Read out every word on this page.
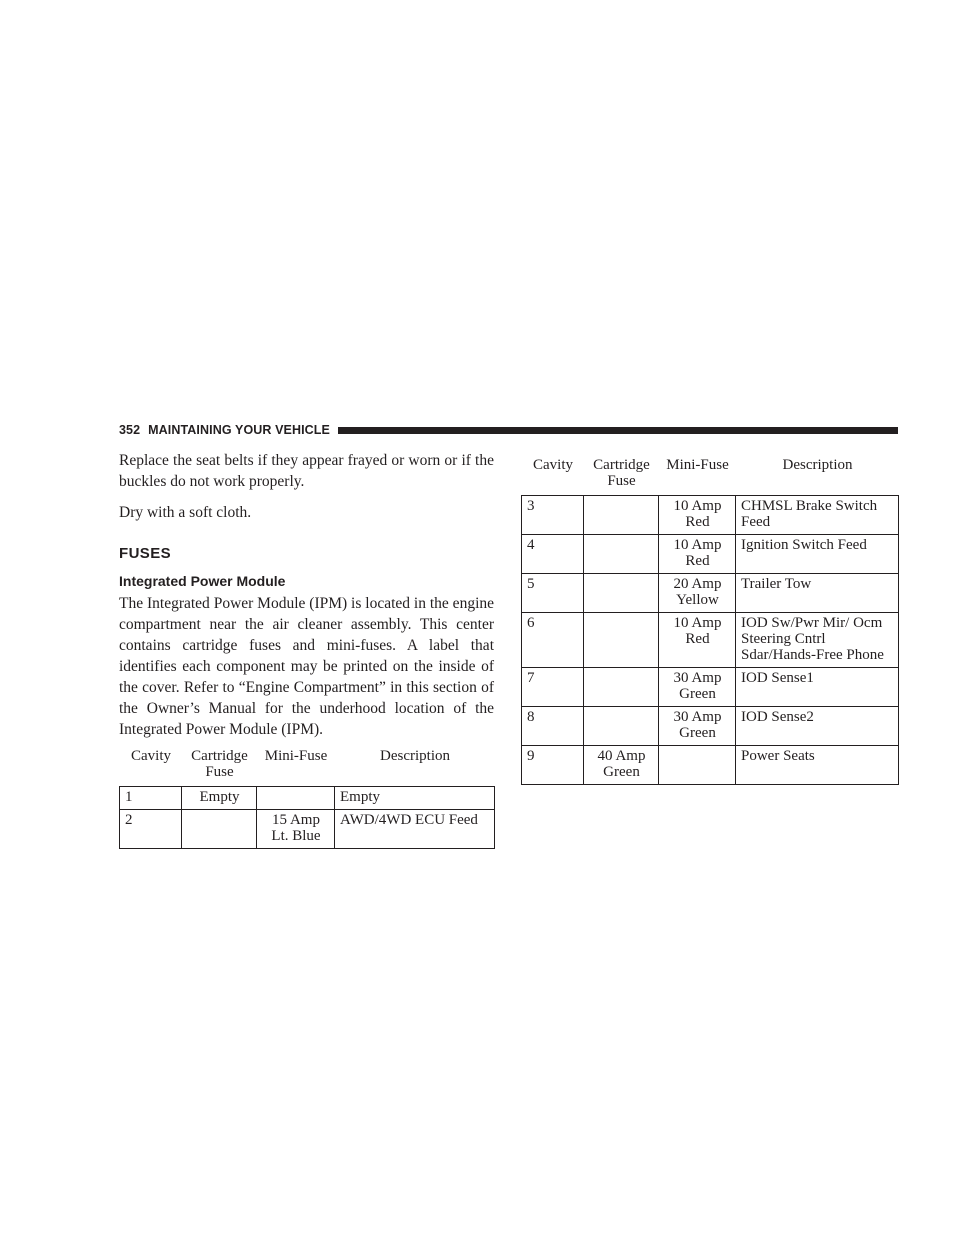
352 MAINTAINING YOUR VEHICLE

Replace the seat belts if they appear frayed or worn or if the buckles do not work properly.

Dry with a soft cloth.

FUSES
Integrated Power Module

The Integrated Power Module (IPM) is located in the engine compartment near the air cleaner assembly. This center contains cartridge fuses and mini-fuses. A label that identifies each component may be printed on the inside of the cover. Refer to “Engine Compartment” in this section of the Owner’s Manual for the underhood location of the Integrated Power Module (IPM).

Cavity	Cartridge Fuse	Mini-Fuse	Description
1	Empty		Empty
2		15 Amp Lt. Blue	AWD/4WD ECU Feed
Cavity	Cartridge Fuse	Mini-Fuse	Description
3		10 Amp Red	CHMSL Brake Switch Feed
4		10 Amp Red	Ignition Switch Feed
5		20 Amp Yellow	Trailer Tow
6		10 Amp Red	IOD Sw/Pwr Mir/ Ocm Steering Cntrl Sdar/Hands-Free Phone
7		30 Amp Green	IOD Sense1
8		30 Amp Green	IOD Sense2
9	40 Amp Green		Power Seats
